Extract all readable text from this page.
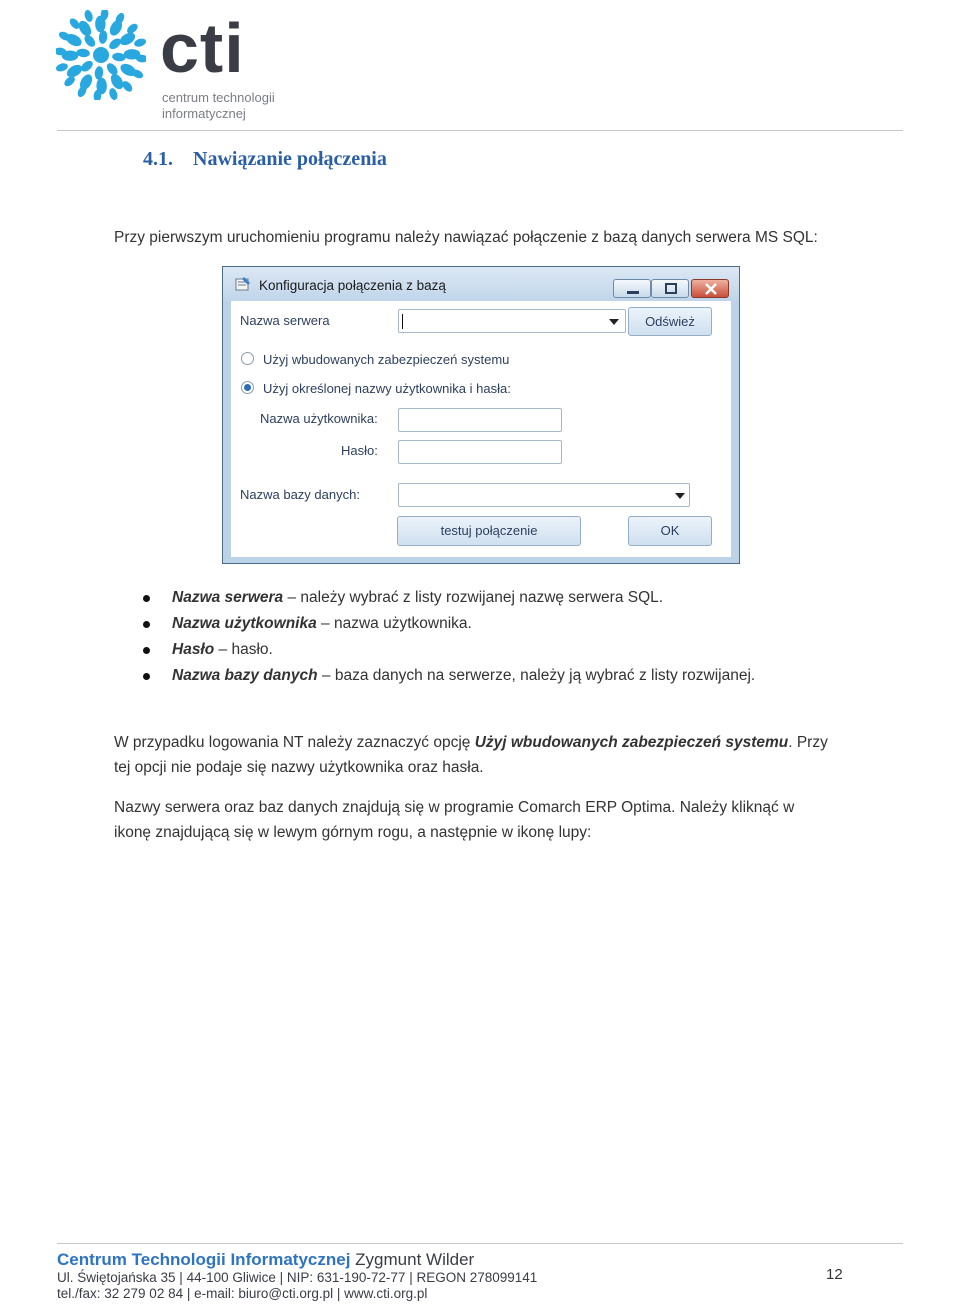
cti
centrum technologii
informatycznej
4.1. Nawiązanie połączenia
Przy pierwszym uruchomieniu programu należy nawiązać połączenie z bazą danych serwera MS SQL:
Konfiguracja połączenia z bazą
Nazwa serwera	Odśwież
Użyj wbudowanych zabezpieczeń systemu
Użyj określonej nazwy użytkownika i hasła:
Nazwa użytkownika:
Hasło:
Nazwa bazy danych:
testuj połączenie	OK
Nazwa serwera – należy wybrać z listy rozwijanej nazwę serwera SQL.
Nazwa użytkownika – nazwa użytkownika.
Hasło – hasło.
Nazwa bazy danych – baza danych na serwerze, należy ją wybrać z listy rozwijanej.
W przypadku logowania NT należy zaznaczyć opcję Użyj wbudowanych zabezpieczeń systemu. Przy
tej opcji nie podaje się nazwy użytkownika oraz hasła.
Nazwy serwera oraz baz danych znajdują się w programie Comarch ERP Optima. Należy kliknąć w
ikonę znajdującą się w lewym górnym rogu, a następnie w ikonę lupy:
Centrum Technologii Informatycznej Zygmunt Wilder
Ul. Świętojańska 35 | 44-100 Gliwice | NIP: 631-190-72-77 | REGON 278099141
tel./fax: 32 279 02 84 | e-mail: biuro@cti.org.pl | www.cti.org.pl
12
